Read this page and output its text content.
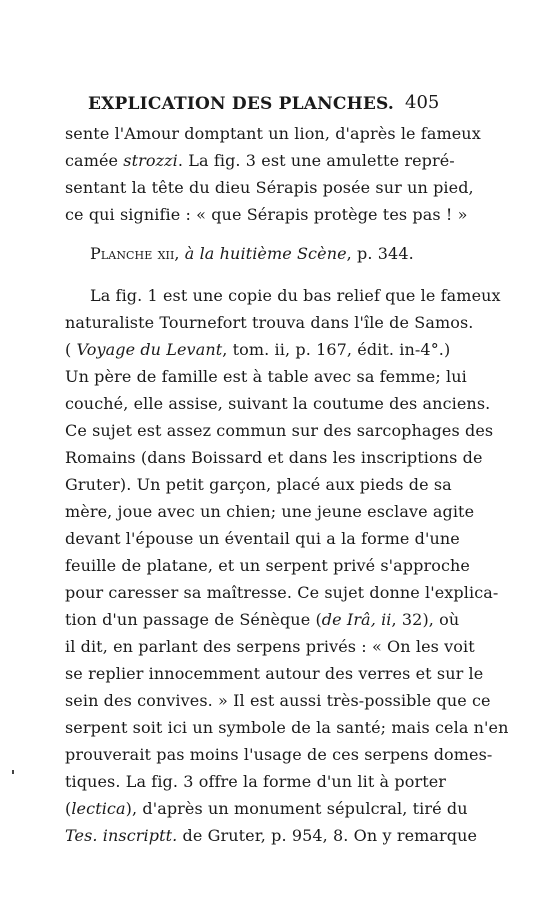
EXPLICATION DES PLANCHES. 405
sente l'Amour domptant un lion, d'après le fameux
camée strozzi. La fig. 3 est une amulette repré-
sentant la tête du dieu Sérapis posée sur un pied,
ce qui signifie : « que Sérapis protège tes pas ! »
Planche xii, à la huitième Scène, p. 344.
La fig. 1 est une copie du bas relief que le fameux
naturaliste Tournefort trouva dans l'île de Samos.
( Voyage du Levant, tom. ii, p. 167, édit. in-4°.)
Un père de famille est à table avec sa femme; lui
couché, elle assise, suivant la coutume des anciens.
Ce sujet est assez commun sur des sarcophages des
Romains (dans Boissard et dans les inscriptions de
Gruter). Un petit garçon, placé aux pieds de sa
mère, joue avec un chien; une jeune esclave agite
devant l'épouse un éventail qui a la forme d'une
feuille de platane, et un serpent privé s'approche
pour caresser sa maîtresse. Ce sujet donne l'explica-
tion d'un passage de Sénèque (de Irâ, ii, 32), où
il dit, en parlant des serpens privés : « On les voit
se replier innocemment autour des verres et sur le
sein des convives. » Il est aussi très-possible que ce
serpent soit ici un symbole de la santé; mais cela n'en
prouverait pas moins l'usage de ces serpens domes-
tiques. La fig. 3 offre la forme d'un lit à porter
(lectica), d'après un monument sépulcral, tiré du
Tes. inscriptt. de Gruter, p. 954, 8. On y remarque
